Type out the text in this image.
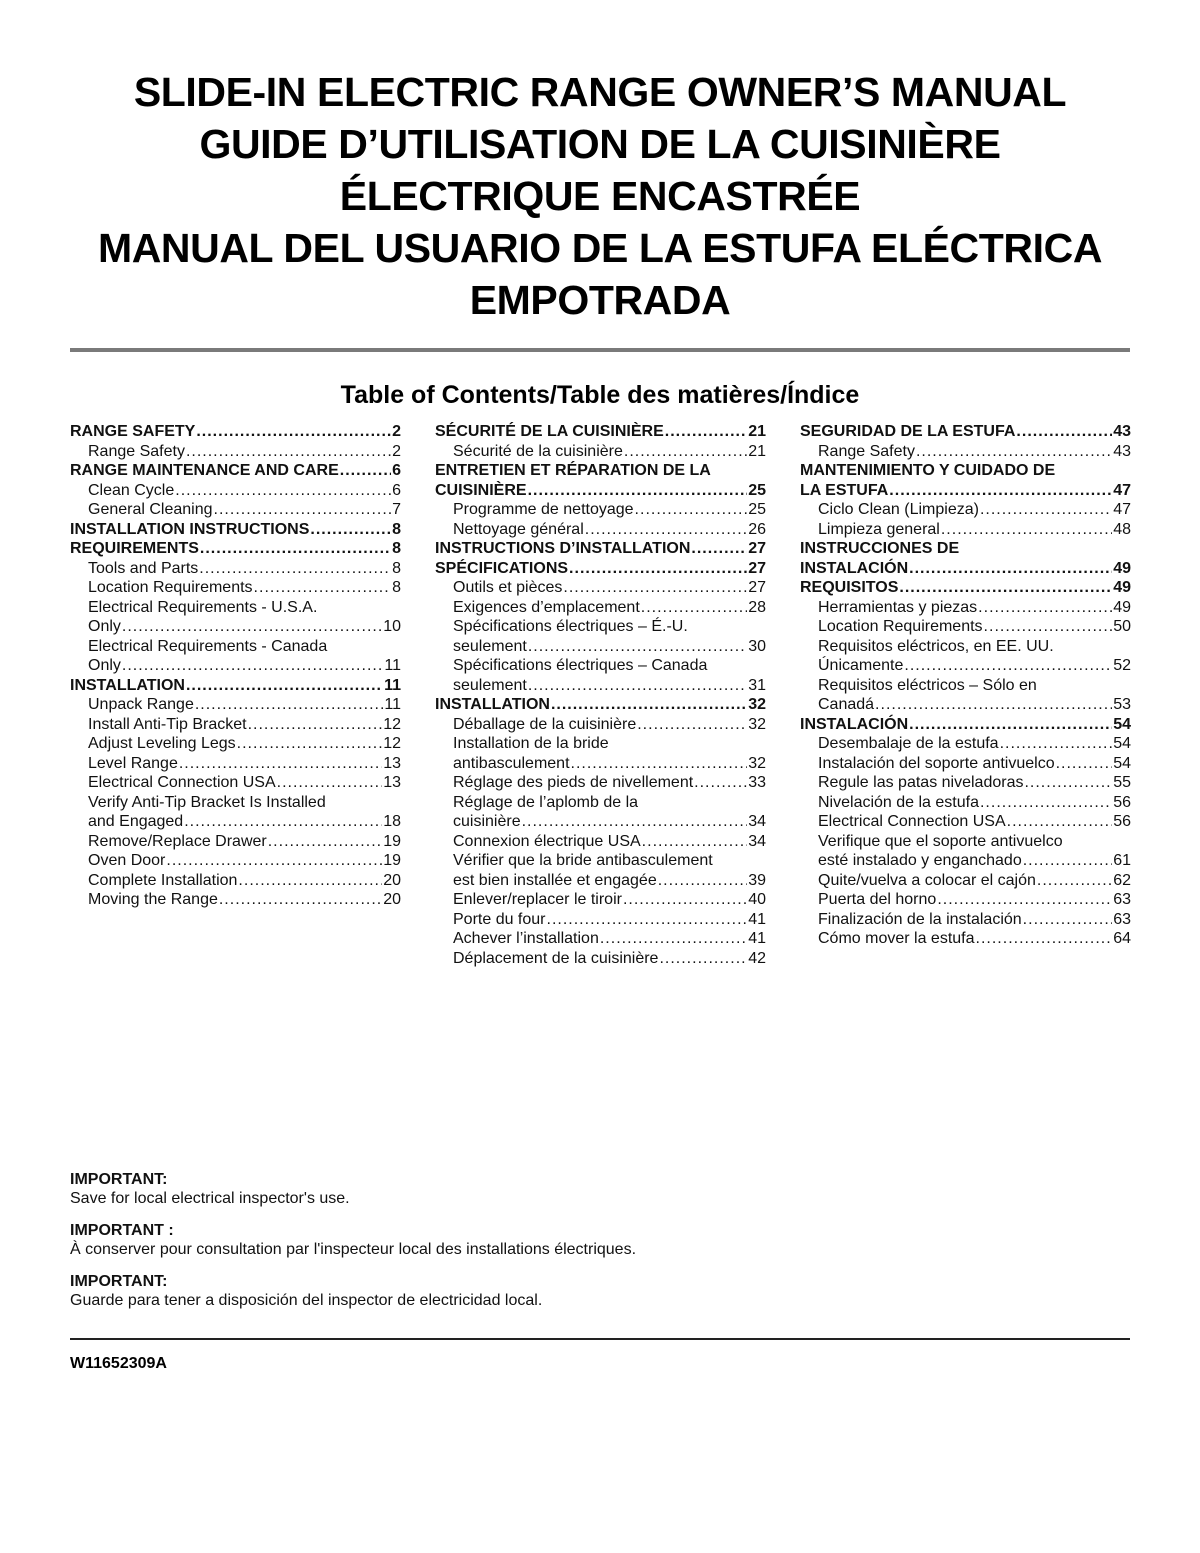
SLIDE-IN ELECTRIC RANGE OWNER’S MANUAL
GUIDE D’UTILISATION DE LA CUISINIÈRE
ÉLECTRIQUE ENCASTRÉE
MANUAL DEL USUARIO DE LA ESTUFA ELÉCTRICA
EMPOTRADA
Table of Contents/Table des matières/Índice
RANGE SAFETY .....	2
Range Safety .....	2
RANGE MAINTENANCE AND CARE .....	6
Clean Cycle .....	6
General Cleaning .....	7
INSTALLATION INSTRUCTIONS .....	8
REQUIREMENTS .....	8
Tools and Parts .....	8
Location Requirements .....	8
Electrical Requirements - U.S.A.
Only .....	10
Electrical Requirements - Canada
Only .....	11
INSTALLATION .....	11
Unpack Range .....	11
Install Anti-Tip Bracket .....	12
Adjust Leveling Legs .....	12
Level Range .....	13
Electrical Connection USA .....	13
Verify Anti-Tip Bracket Is Installed
and Engaged .....	18
Remove/Replace Drawer .....	19
Oven Door .....	19
Complete Installation .....	20
Moving the Range .....	20
SÉCURITÉ DE LA CUISINIÈRE .....	21
Sécurité de la cuisinière .....	21
ENTRETIEN ET RÉPARATION DE LA
CUISINIÈRE .....	25
Programme de nettoyage .....	25
Nettoyage général .....	26
INSTRUCTIONS D’INSTALLATION .....	27
SPÉCIFICATIONS .....	27
Outils et pièces .....	27
Exigences d’emplacement .....	28
Spécifications électriques – É.-U.
seulement .....	30
Spécifications électriques – Canada
seulement .....	31
INSTALLATION .....	32
Déballage de la cuisinière .....	32
Installation de la bride
antibasculement .....	32
Réglage des pieds de nivellement .....	33
Réglage de l’aplomb de la
cuisinière .....	34
Connexion électrique USA .....	34
Vérifier que la bride antibasculement
est bien installée et engagée .....	39
Enlever/replacer le tiroir .....	40
Porte du four .....	41
Achever l’installation .....	41
Déplacement de la cuisinière .....	42
SEGURIDAD DE LA ESTUFA .....	43
Range Safety .....	43
MANTENIMIENTO Y CUIDADO DE
LA ESTUFA .....	47
Ciclo Clean (Limpieza) .....	47
Limpieza general .....	48
INSTRUCCIONES DE
INSTALACIÓN .....	49
REQUISITOS .....	49
Herramientas y piezas .....	49
Location Requirements .....	50
Requisitos eléctricos, en EE. UU.
Únicamente .....	52
Requisitos eléctricos – Sólo en
Canadá .....	53
INSTALACIÓN .....	54
Desembalaje de la estufa .....	54
Instalación del soporte antivuelco .....	54
Regule las patas niveladoras .....	55
Nivelación de la estufa .....	56
Electrical Connection USA .....	56
Verifique que el soporte antivuelco
esté instalado y enganchado .....	61
Quite/vuelva a colocar el cajón .....	62
Puerta del horno .....	63
Finalización de la instalación .....	63
Cómo mover la estufa .....	64
IMPORTANT:
Save for local electrical inspector's use.
IMPORTANT :
À conserver pour consultation par l'inspecteur local des installations électriques.
IMPORTANT:
Guarde para tener a disposición del inspector de electricidad local.
W11652309A
